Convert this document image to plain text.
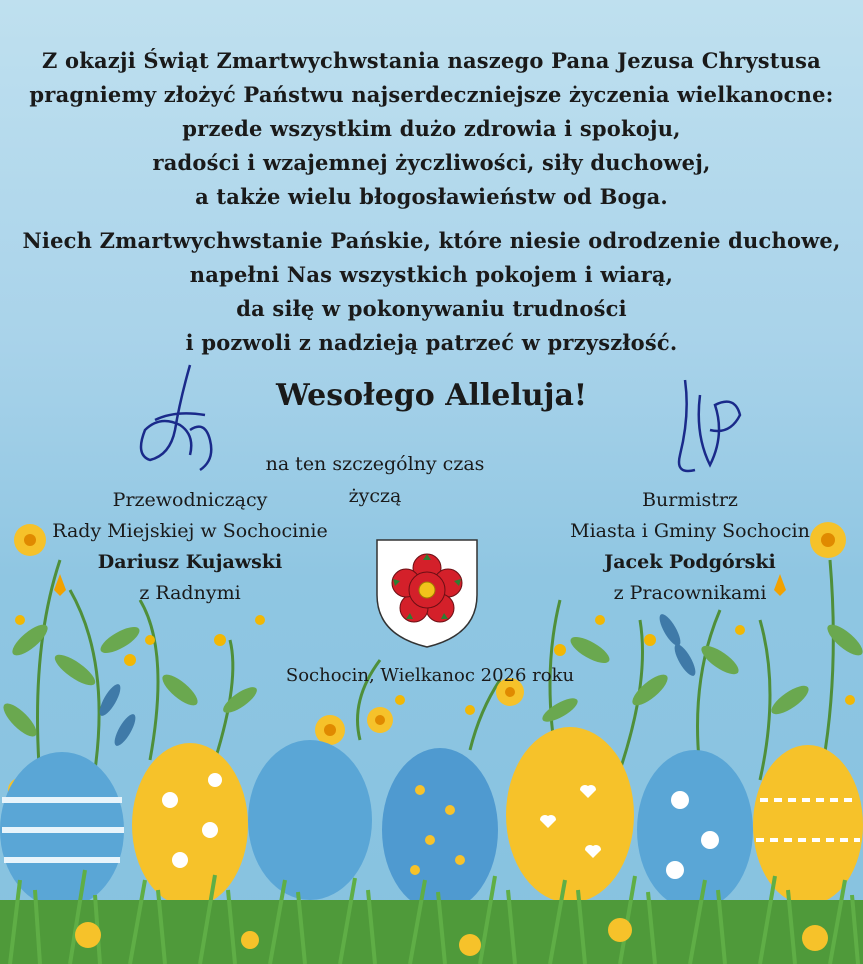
Z okazji Świąt Zmartwychwstania naszego Pana Jezusa Chrystusa
pragniemy złożyć Państwu najserdeczniejsze życzenia wielkanocne:
przede wszystkim dużo zdrowia i spokoju,
radości i wzajemnej życzliwości, siły duchowej,
a także wielu błogosławieństw od Boga.
Niech Zmartwychwstanie Pańskie, które niesie odrodzenie duchowe,
napełni Nas wszystkich pokojem i wiarą,
da siłę w pokonywaniu trudności
i pozwoli z nadzieją patrzeć w przyszłość.
Wesołego Alleluja!
na ten szczególny czas
życzą
Przewodniczący
Rady Miejskiej w Sochocinie
Dariusz Kujawski
z Radnymi
Burmistrz
Miasta i Gminy Sochocin
Jacek Podgórski
z Pracownikami
Sochocin, Wielkanoc 2026 roku
